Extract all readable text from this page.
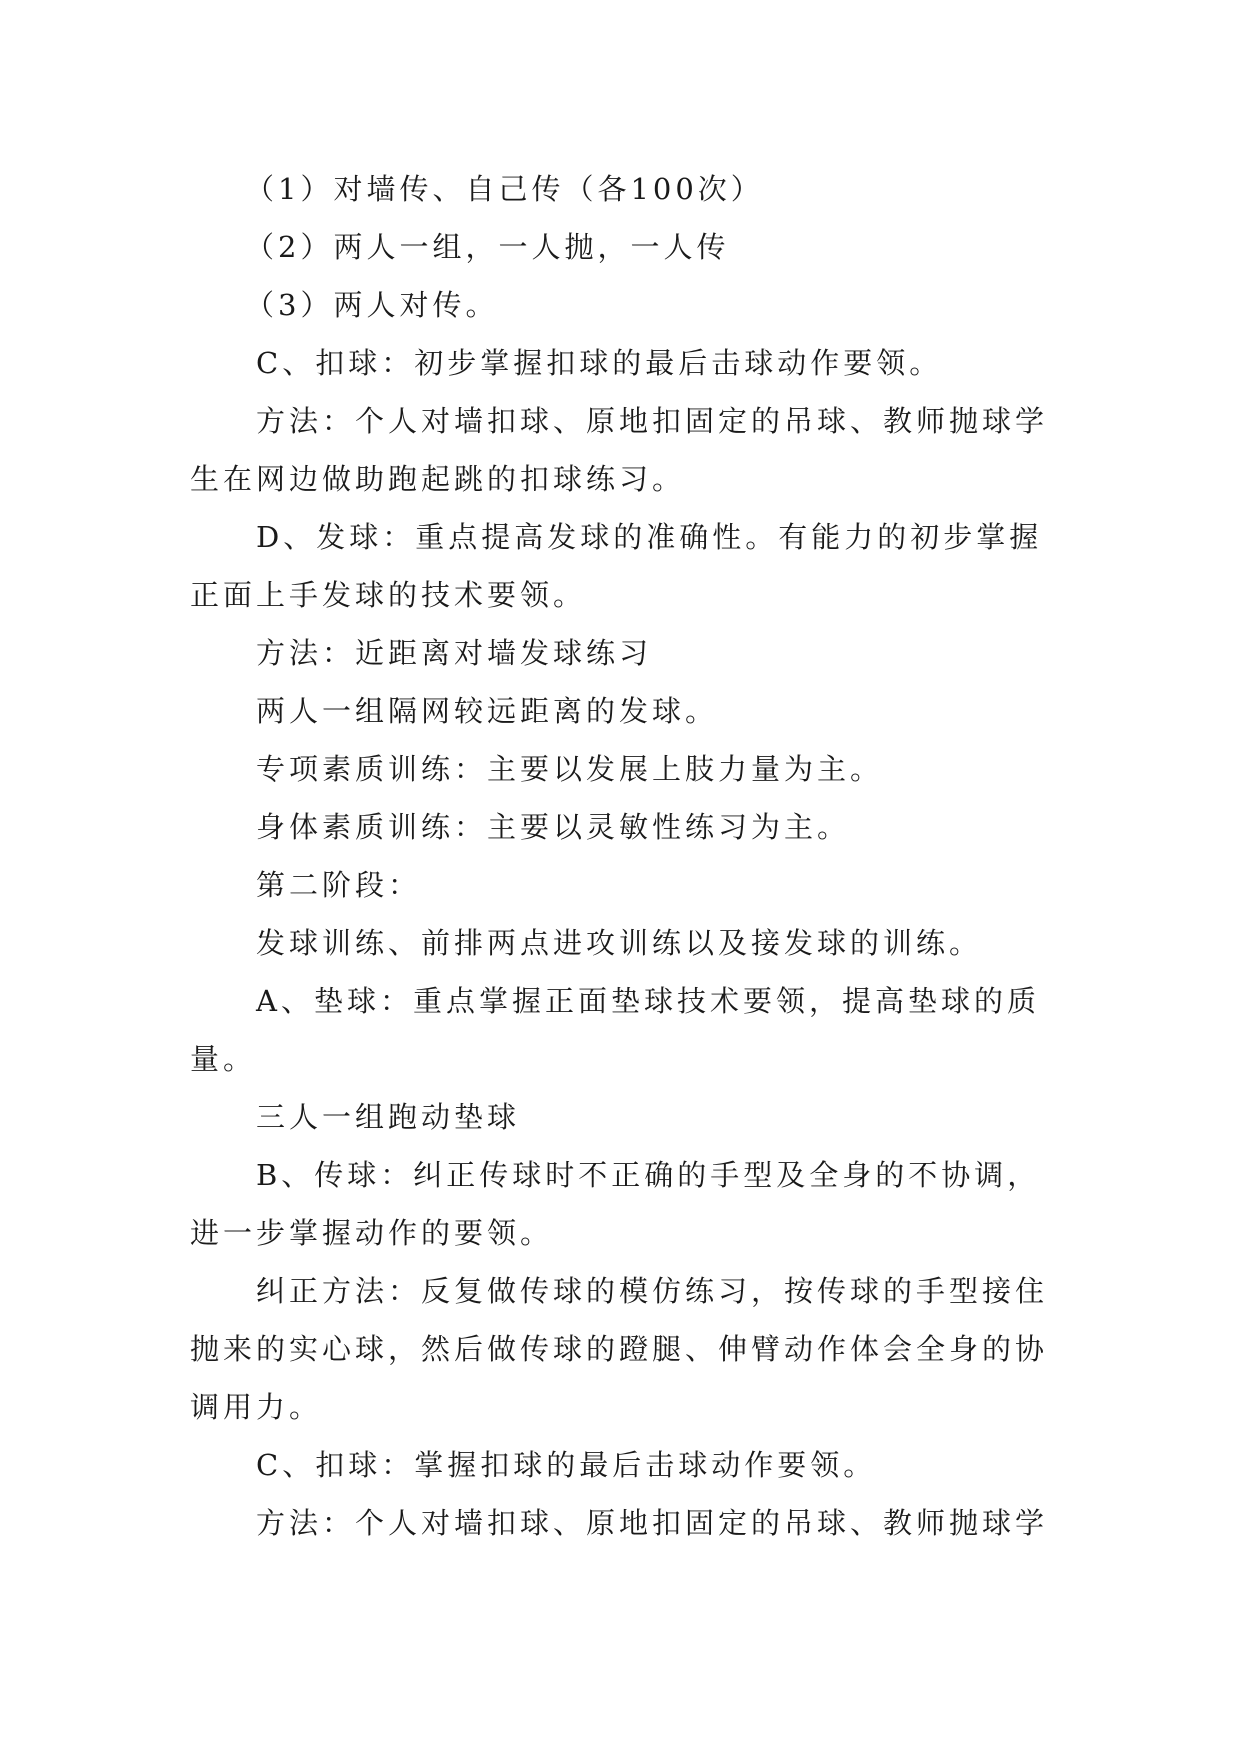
（1）对墙传、自己传（各100次）

（2）两人一组，一人抛，一人传

（3）两人对传。

C、扣球：初步掌握扣球的最后击球动作要领。

方法：个人对墙扣球、原地扣固定的吊球、教师抛球学生在网边做助跑起跳的扣球练习。

D、发球：重点提高发球的准确性。有能力的初步掌握正面上手发球的技术要领。

方法：近距离对墙发球练习

两人一组隔网较远距离的发球。

专项素质训练：主要以发展上肢力量为主。

身体素质训练：主要以灵敏性练习为主。

第二阶段：

发球训练、前排两点进攻训练以及接发球的训练。

A、垫球：重点掌握正面垫球技术要领，提高垫球的质量。

三人一组跑动垫球

B、传球：纠正传球时不正确的手型及全身的不协调，进一步掌握动作的要领。

纠正方法：反复做传球的模仿练习，按传球的手型接住抛来的实心球，然后做传球的蹬腿、伸臂动作体会全身的协调用力。

C、扣球：掌握扣球的最后击球动作要领。

方法：个人对墙扣球、原地扣固定的吊球、教师抛球学
